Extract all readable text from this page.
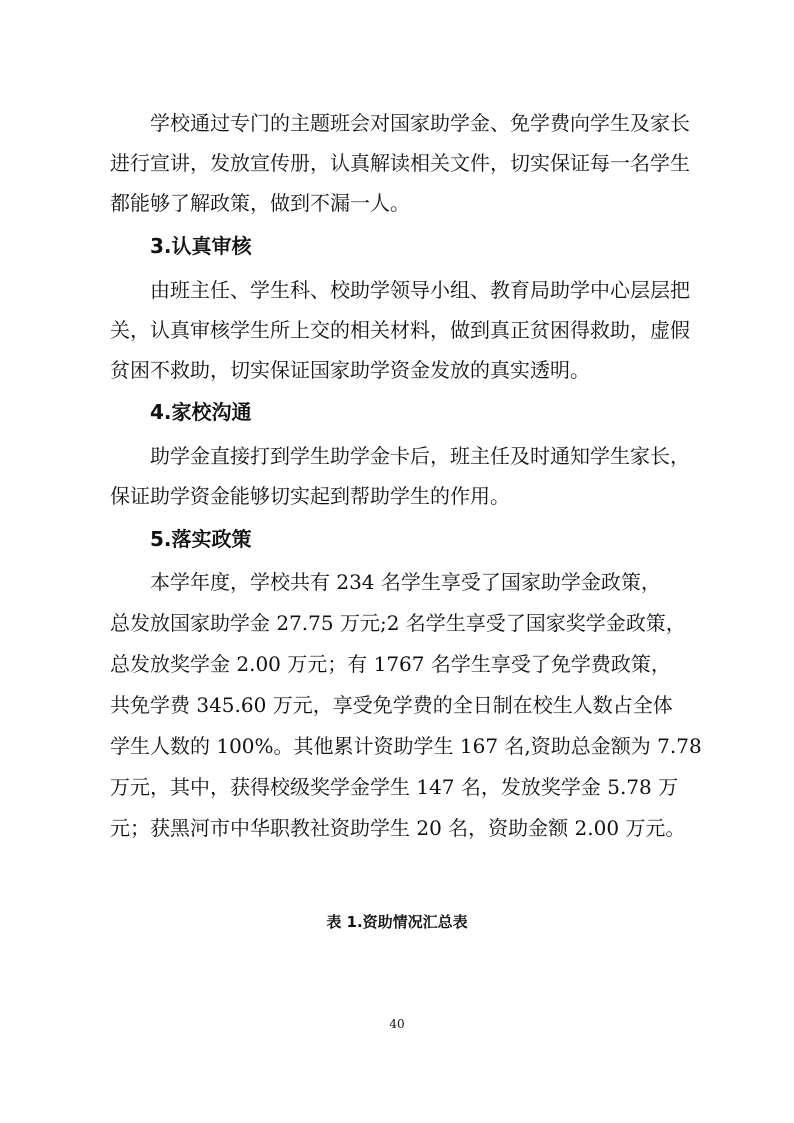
学校通过专门的主题班会对国家助学金、免学费向学生及家长进行宣讲，发放宣传册，认真解读相关文件，切实保证每一名学生都能够了解政策，做到不漏一人。

3.认真审核

由班主任、学生科、校助学领导小组、教育局助学中心层层把关，认真审核学生所上交的相关材料，做到真正贫困得救助，虚假贫困不救助，切实保证国家助学资金发放的真实透明。

4.家校沟通

助学金直接打到学生助学金卡后，班主任及时通知学生家长，保证助学资金能够切实起到帮助学生的作用。

5.落实政策

本学年度，学校共有 234 名学生享受了国家助学金政策，

总发放国家助学金 27.75 万元;2 名学生享受了国家奖学金政策，

总发放奖学金 2.00 万元；有 1767 名学生享受了免学费政策，

共免学费 345.60 万元，享受免学费的全日制在校生人数占全体

学生人数的 100%。其他累计资助学生 167 名,资助总金额为 7.78

万元，其中，获得校级奖学金学生 147 名，发放奖学金 5.78 万

元；获黑河市中华职教社资助学生 20 名，资助金额 2.00 万元。

表 1.资助情况汇总表
40
